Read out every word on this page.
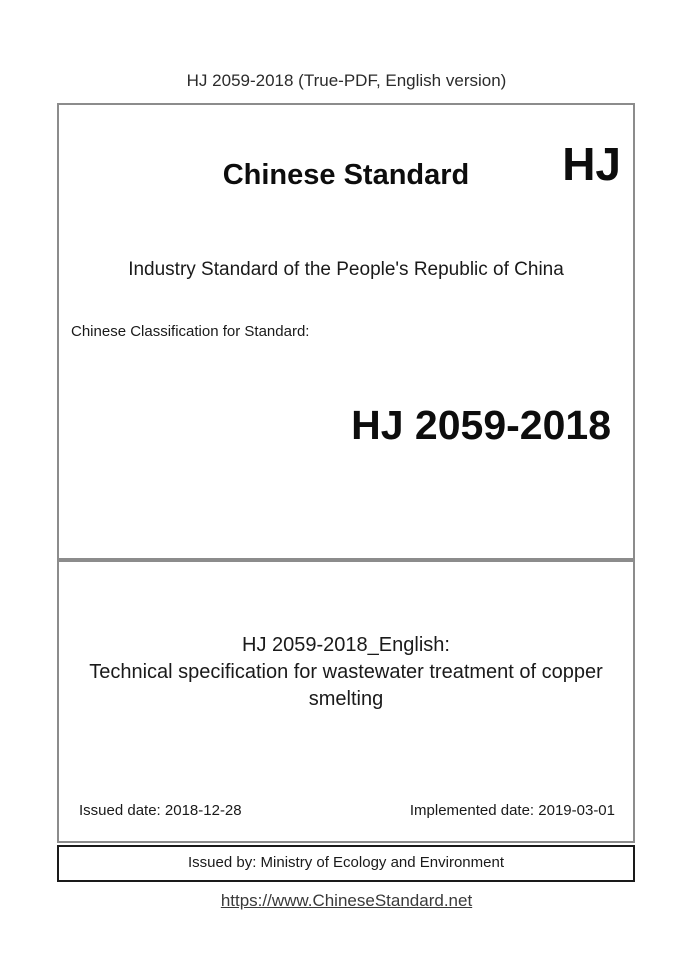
HJ 2059-2018 (True-PDF, English version)
Chinese Standard	HJ
Industry Standard of the People's Republic of China
Chinese Classification for Standard:
HJ 2059-2018
HJ 2059-2018_English:
Technical specification for wastewater treatment of copper
smelting
Issued date: 2018-12-28	Implemented date: 2019-03-01
Issued by: Ministry of Ecology and Environment
https://www.ChineseStandard.net
